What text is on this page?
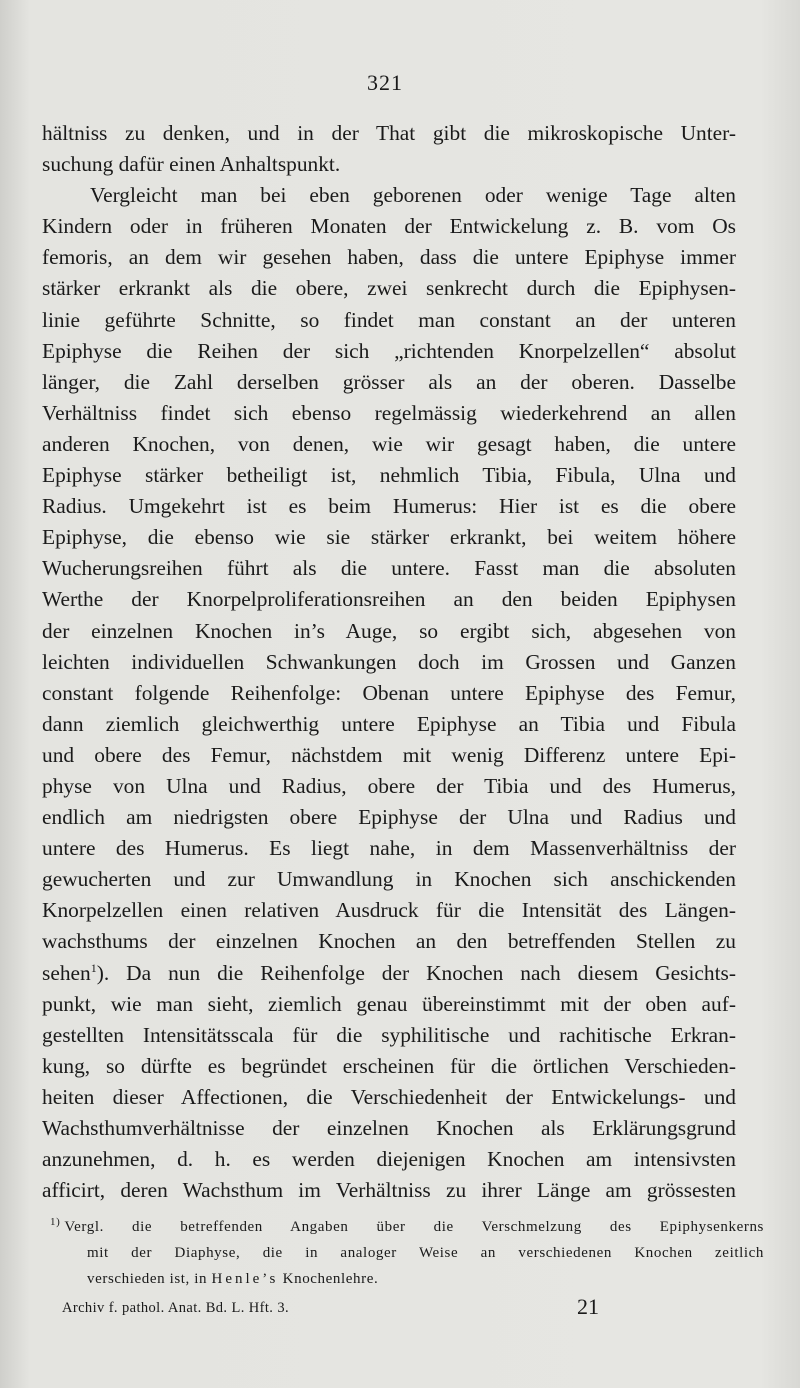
321
hältniss zu denken, und in der That gibt die mikroskopische Unter-
suchung dafür einen Anhaltspunkt.
Vergleicht man bei eben geborenen oder wenige Tage alten
Kindern oder in früheren Monaten der Entwickelung z. B. vom Os
femoris, an dem wir gesehen haben, dass die untere Epiphyse immer
stärker erkrankt als die obere, zwei senkrecht durch die Epiphysen-
linie geführte Schnitte, so findet man constant an der unteren
Epiphyse die Reihen der sich „richtenden Knorpelzellen“ absolut
länger, die Zahl derselben grösser als an der oberen. Dasselbe
Verhältniss findet sich ebenso regelmässig wiederkehrend an allen
anderen Knochen, von denen, wie wir gesagt haben, die untere
Epiphyse stärker betheiligt ist, nehmlich Tibia, Fibula, Ulna und
Radius. Umgekehrt ist es beim Humerus: Hier ist es die obere
Epiphyse, die ebenso wie sie stärker erkrankt, bei weitem höhere
Wucherungsreihen führt als die untere. Fasst man die absoluten
Werthe der Knorpelproliferationsreihen an den beiden Epiphysen
der einzelnen Knochen in’s Auge, so ergibt sich, abgesehen von
leichten individuellen Schwankungen doch im Grossen und Ganzen
constant folgende Reihenfolge: Obenan untere Epiphyse des Femur,
dann ziemlich gleichwerthig untere Epiphyse an Tibia und Fibula
und obere des Femur, nächstdem mit wenig Differenz untere Epi-
physe von Ulna und Radius, obere der Tibia und des Humerus,
endlich am niedrigsten obere Epiphyse der Ulna und Radius und
untere des Humerus. Es liegt nahe, in dem Massenverhältniss der
gewucherten und zur Umwandlung in Knochen sich anschickenden
Knorpelzellen einen relativen Ausdruck für die Intensität des Längen-
wachsthums der einzelnen Knochen an den betreffenden Stellen zu
sehen$^1$). Da nun die Reihenfolge der Knochen nach diesem Gesichts-
punkt, wie man sieht, ziemlich genau übereinstimmt mit der oben auf-
gestellten Intensitätsscala für die syphilitische und rachitische Erkran-
kung, so dürfte es begründet erscheinen für die örtlichen Verschieden-
heiten dieser Affectionen, die Verschiedenheit der Entwickelungs- und
Wachsthumverhältnisse der einzelnen Knochen als Erklärungsgrund
anzunehmen, d. h. es werden diejenigen Knochen am intensivsten
afficirt, deren Wachsthum im Verhältniss zu ihrer Länge am grössesten
$^{1)}$ Vergl. die betreffenden Angaben über die Verschmelzung des Epiphysenkerns
mit der Diaphyse, die in analoger Weise an verschiedenen Knochen zeitlich
verschieden ist, in Henle’s Knochenlehre.
Archiv f. pathol. Anat. Bd. L. Hft. 3.	21
